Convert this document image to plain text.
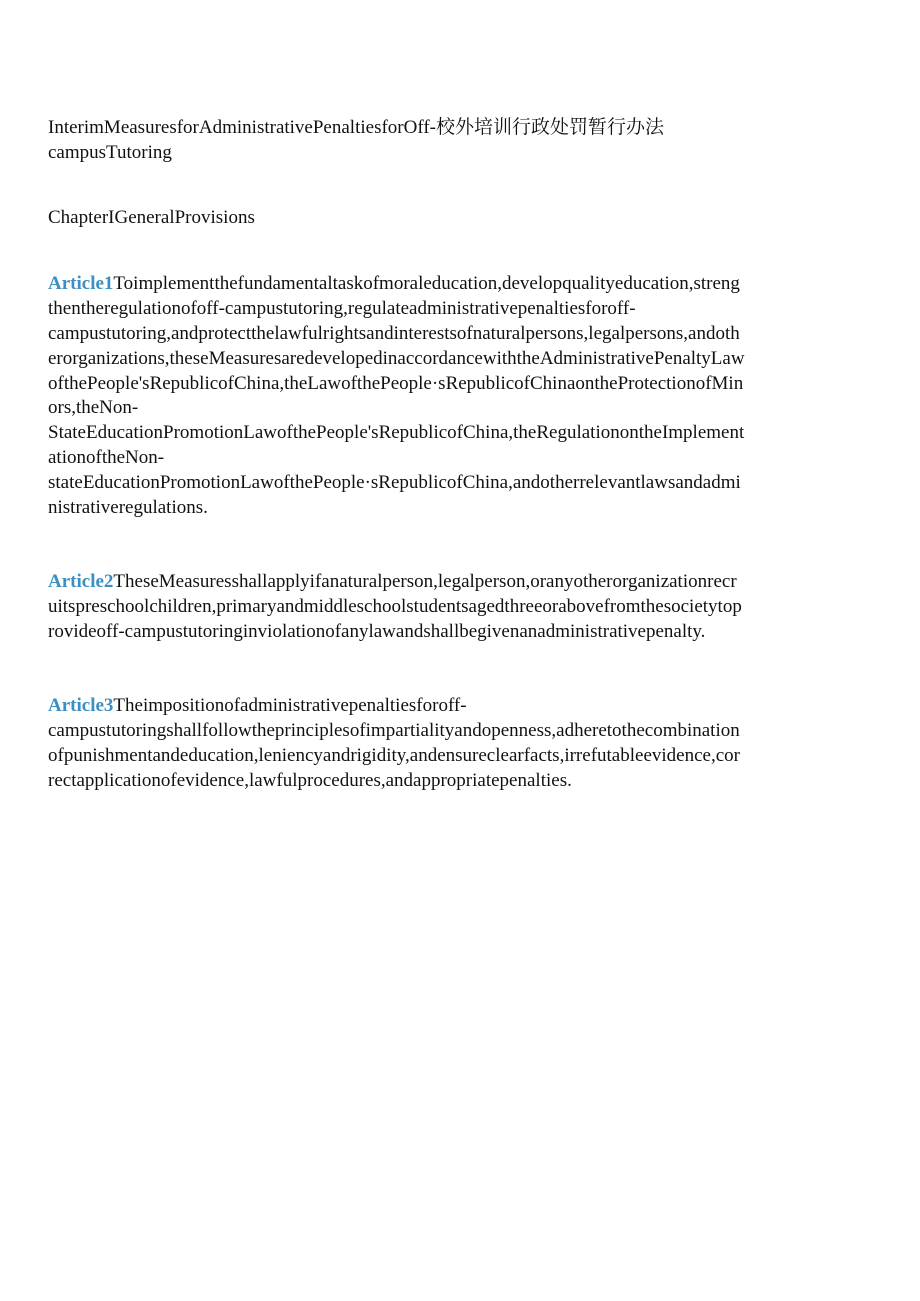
InterimMeasuresforAdministrativePenaltiesforOff-校外培训行政处罚暂行办法
campusTutoring
ChapterIGeneralProvisions
Article1Toimplementthefundamentaltaskofmoraleducation,developqualityeducation,streng
thentheregulationofoff-campustutoring,regulateadministrativepenaltiesforoff-
campustutoring,andprotectthelawfulrightsandinterestsofnaturalpersons,legalpersons,andoth
erorganizations,theseMeasuresaredevelopedinaccordancewiththeAdministrativePenaltyLaw
ofthePeople'sRepublicofChina,theLawofthePeople·sRepublicofChinaontheProtectionofMin
ors,theNon-
StateEducationPromotionLawofthePeople'sRepublicofChina,theRegulationontheImplement
ationoftheNon-
stateEducationPromotionLawofthePeople·sRepublicofChina,andotherrelevantlawsandadmi
nistrativeregulations.
Article2TheseMeasuresshallapplyifanaturalperson,legalperson,oranyotherorganizationrecr
uitspreschoolchildren,primaryandmiddleschoolstudentsagedthreeorabovefromthesocietytop
rovideoff-campustutoringinviolationofanylawandshallbegivenanadministrativepenalty.
Article3Theimpositionofadministrativepenaltiesforoff-
campustutoringshallfollowtheprinciplesofimpartialityandopenness,adheretothecombination
ofpunishmentandeducation,leniencyandrigidity,andensureclearfacts,irrefutableevidence,cor
rectapplicationofevidence,lawfulprocedures,andappropriatepenalties.
